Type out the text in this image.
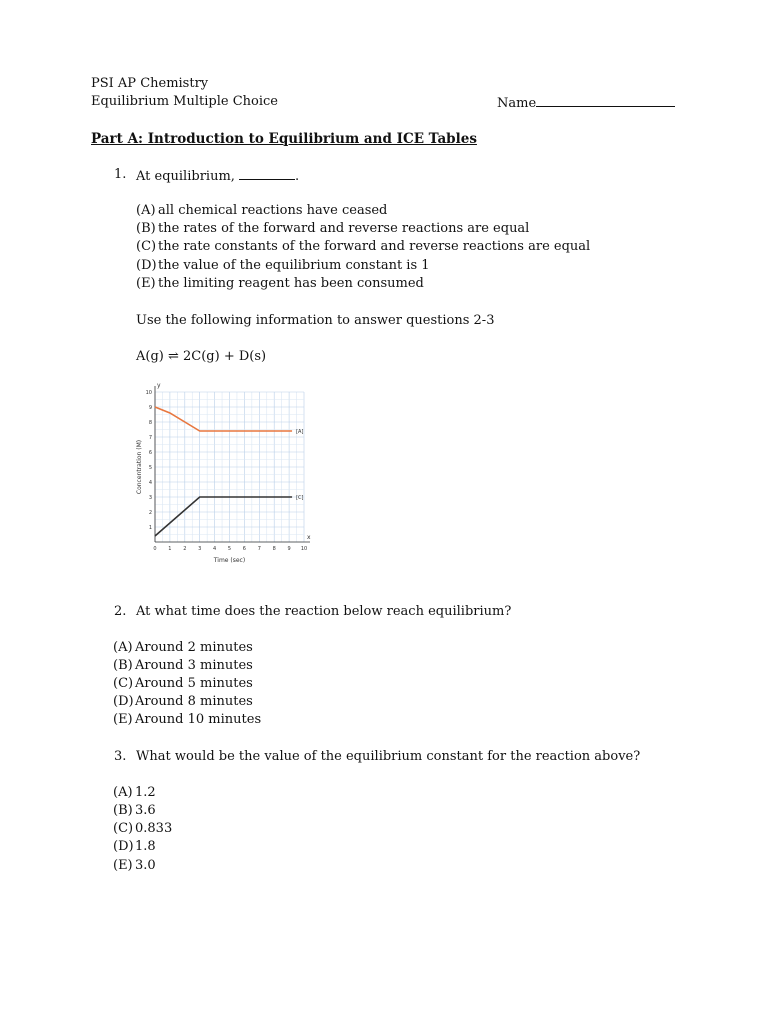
PSI AP Chemistry
Equilibrium Multiple Choice	Name
Part A: Introduction to Equilibrium and ICE Tables
1. At equilibrium,	.
(A) all chemical reactions have ceased
(B) the rates of the forward and reverse reactions are equal
(C) the rate constants of the forward and reverse reactions are equal
(D)the value of the equilibrium constant is 1
(E) the limiting reagent has been consumed
Use the following information to answer questions 2-3
A(g) ⇌ 2C(g) + D(s)
x
y
0 1 2 3 4 5 6 7 8 9 10
1
2
3
4
5
6
7
8
9
10
Time (sec)
Concentration (M)
[A]
[C]
2. At what time does the reaction below reach equilibrium?
(A) Around 2 minutes
(B) Around 3 minutes
(C) Around 5 minutes
(D)Around 8 minutes
(E) Around 10 minutes
3. What would be the value of the equilibrium constant for the reaction above?
(A) 1.2
(B) 3.6
(C) 0.833
(D)1.8
(E) 3.0
